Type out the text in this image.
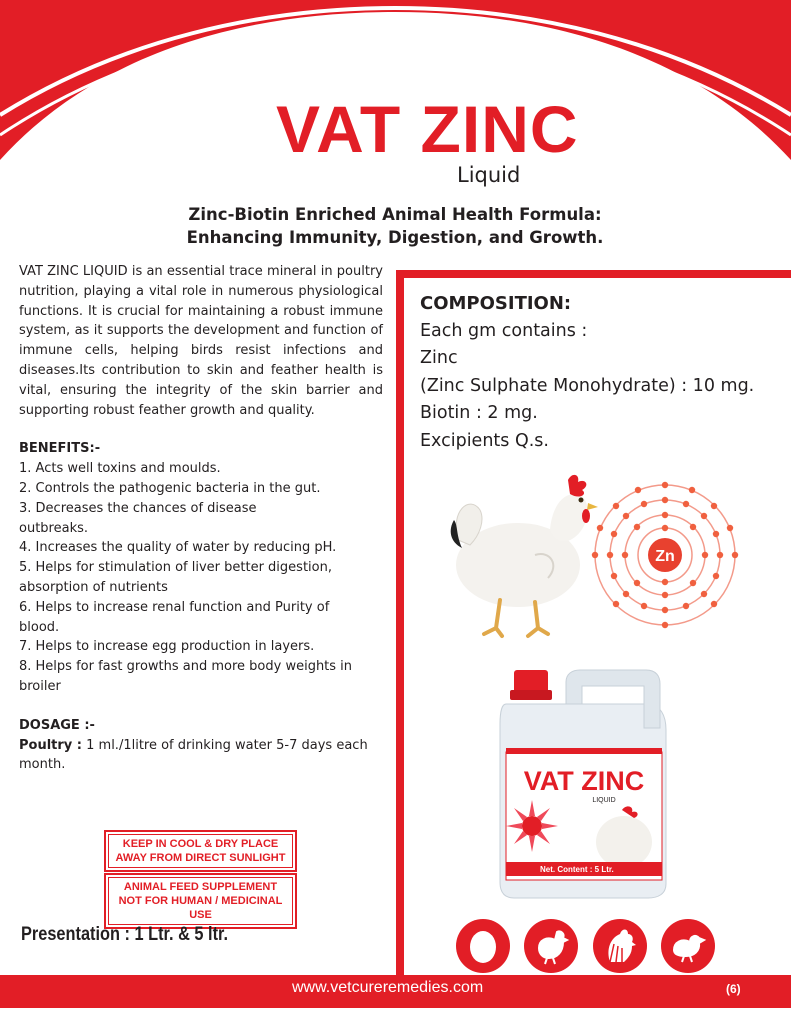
VAT ZINC
Liquid
Zinc-Biotin Enriched Animal Health Formula:
Enhancing Immunity, Digestion, and Growth.

VAT ZINC LIQUID is an essential trace mineral in poultry nutrition, playing a vital role in numerous physiological functions. It is crucial for maintaining a robust immune system, as it supports the development and function of immune cells, helping birds resist infections and diseases.Its contribution to skin and feather health is vital, ensuring the integrity of the skin barrier and supporting robust feather growth and quality.

BENEFITS:-

1. Acts well toxins and moulds.

2. Controls the pathogenic bacteria in the gut.

3. Decreases the chances of disease

outbreaks.

4. Increases the quality of water by reducing pH.

5. Helps for stimulation of liver better digestion,

absorption of nutrients

6. Helps to increase renal function and Purity of

blood.

7. Helps to increase egg production in layers.

8. Helps for fast growths and more body weights in

broiler

DOSAGE :-

Poultry : 1 ml./1litre of drinking water 5-7 days each month.

COMPOSITION:
Each gm contains :
Zinc
(Zinc Sulphate Monohydrate) : 10 mg.
Biotin : 2 mg.
Excipients Q.s.
Zn
VAT ZINC
LIQUID
Net. Content : 5 Ltr.
KEEP IN COOL & DRY PLACE
AWAY FROM DIRECT SUNLIGHT
ANIMAL FEED SUPPLEMENT
NOT FOR HUMAN / MEDICINAL USE
Presentation : 1 Ltr. & 5 ltr.
www.vetcureremedies.com	(6)
